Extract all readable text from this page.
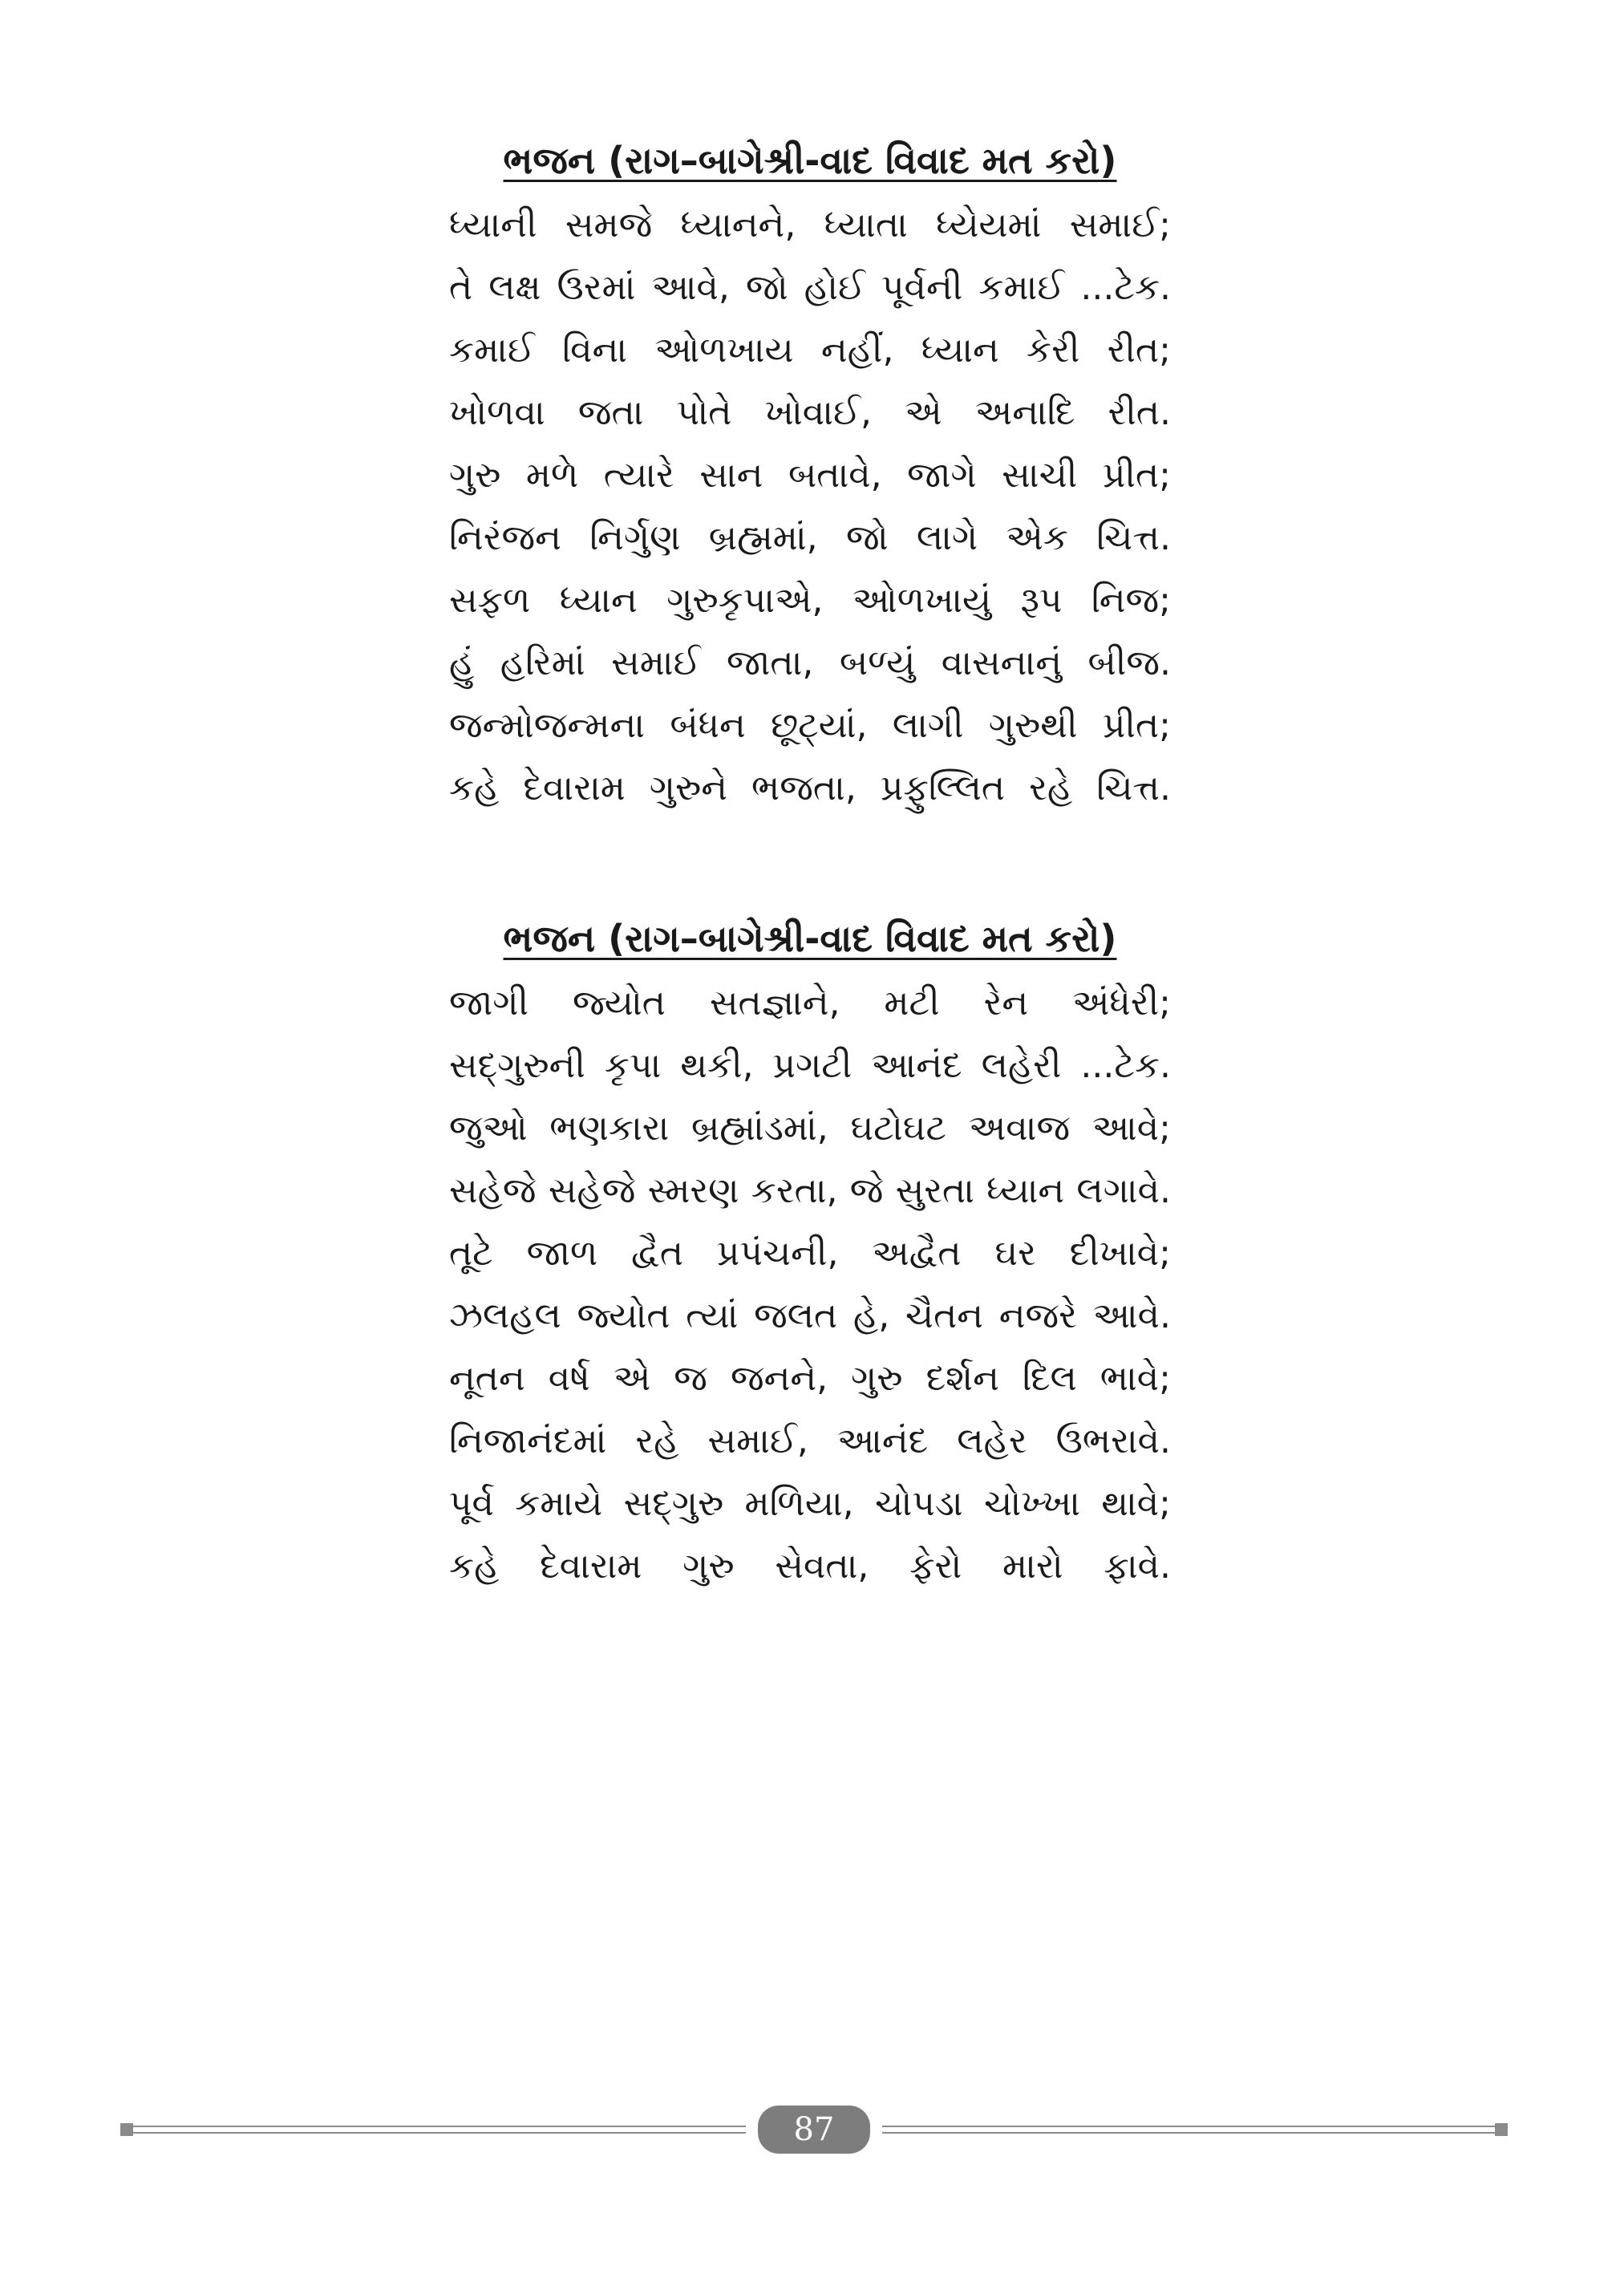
ભજન (રાગ–બાગેશ્રી-વાદ વિવાદ મત કરો)
ધ્યાની સમજે ધ્યાનને, ધ્યાતા ધ્યેયમાં સમાઈ;
તે લક્ષ ઉરમાં આવે, જો હોઈ પૂર્વની કમાઈ ...ટેક.
કમાઈ વિના ઓળખાય નહીં, ધ્યાન કેરી રીત;
ખોળવા જતા પોતે ખોવાઈ, એ અનાદિ રીત.
ગુરુ મળે ત્યારે સાન બતાવે, જાગે સાચી પ્રીત;
નિરંજન નિર્ગુણ બ્રહ્મમાં, જો લાગે એક ચિત્ત.
સફળ ધ્યાન ગુરુકૃપાએ, ઓળખાયું રૂપ નિજ;
હું હરિમાં સમાઈ જાતા, બળ્યું વાસનાનું બીજ.
જન્મોજન્મના બંધન છૂટ્યાં, લાગી ગુરુથી પ્રીત;
કહે દેવારામ ગુરુને ભજતા, પ્રફુલ્લિત રહે ચિત્ત.
ભજન (રાગ–બાગેશ્રી-વાદ વિવાદ મત કરો)
જાગી જ્યોત સતજ્ઞાને, મટી રેન અંધેરી;
સદ્‌ગુરુની કૃપા થકી, પ્રગટી આનંદ લહેરી ...ટેક.
જુઓ ભણકારા બ્રહ્માંડમાં, ઘટોઘટ અવાજ આવે;
સહેજે સહેજે સ્મરણ કરતા, જે સુરતા ધ્યાન લગાવે.
તૂટે જાળ દ્વૈત પ્રપંચની, અદ્વૈત ઘર દીખાવે;
ઝલહલ જ્યોત ત્યાં જલત હે, ચૈતન નજરે આવે.
નૂતન વર્ષ એ જ જનને, ગુરુ દર્શન દિલ ભાવે;
નિજાનંદમાં રહે સમાઈ, આનંદ લહેર ઉભરાવે.
પૂર્વ કમાયે સદ્‌ગુરુ મળિયા, ચોપડા ચોખ્ખા થાવે;
કહે દેવારામ ગુરુ સેવતા, ફેરો મારો ફાવે.
87
